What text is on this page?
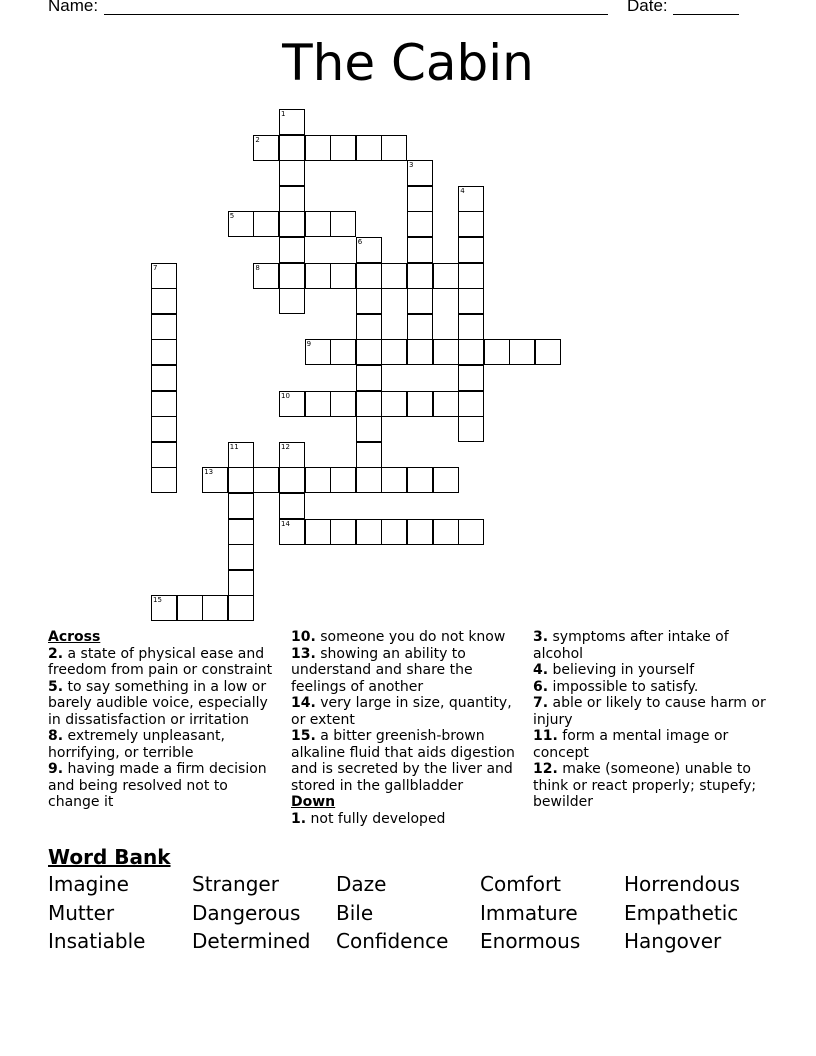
Name:	Date:
The Cabin
1
2
3
4
5
6
7	8
9
10
11	12
13
14
15
Across
2. a state of physical ease and freedom from pain or constraint
5. to say something in a low or barely audible voice, especially in dissatisfaction or irritation
8. extremely unpleasant, horrifying, or terrible
9. having made a firm decision and being resolved not to change it
10. someone you do not know
13. showing an ability to understand and share the feelings of another
14. very large in size, quantity, or extent
15. a bitter greenish-brown alkaline fluid that aids digestion and is secreted by the liver and stored in the gallbladder
Down
1. not fully developed
3. symptoms after intake of alcohol
4. believing in yourself
6. impossible to satisfy.
7. able or likely to cause harm or injury
11. form a mental image or concept
12. make (someone) unable to think or react properly; stupefy; bewilder
Word Bank
Imagine	Stranger	Daze	Comfort	Horrendous
Mutter	Dangerous	Bile	Immature	Empathetic
Insatiable	Determined	Confidence	Enormous	Hangover
